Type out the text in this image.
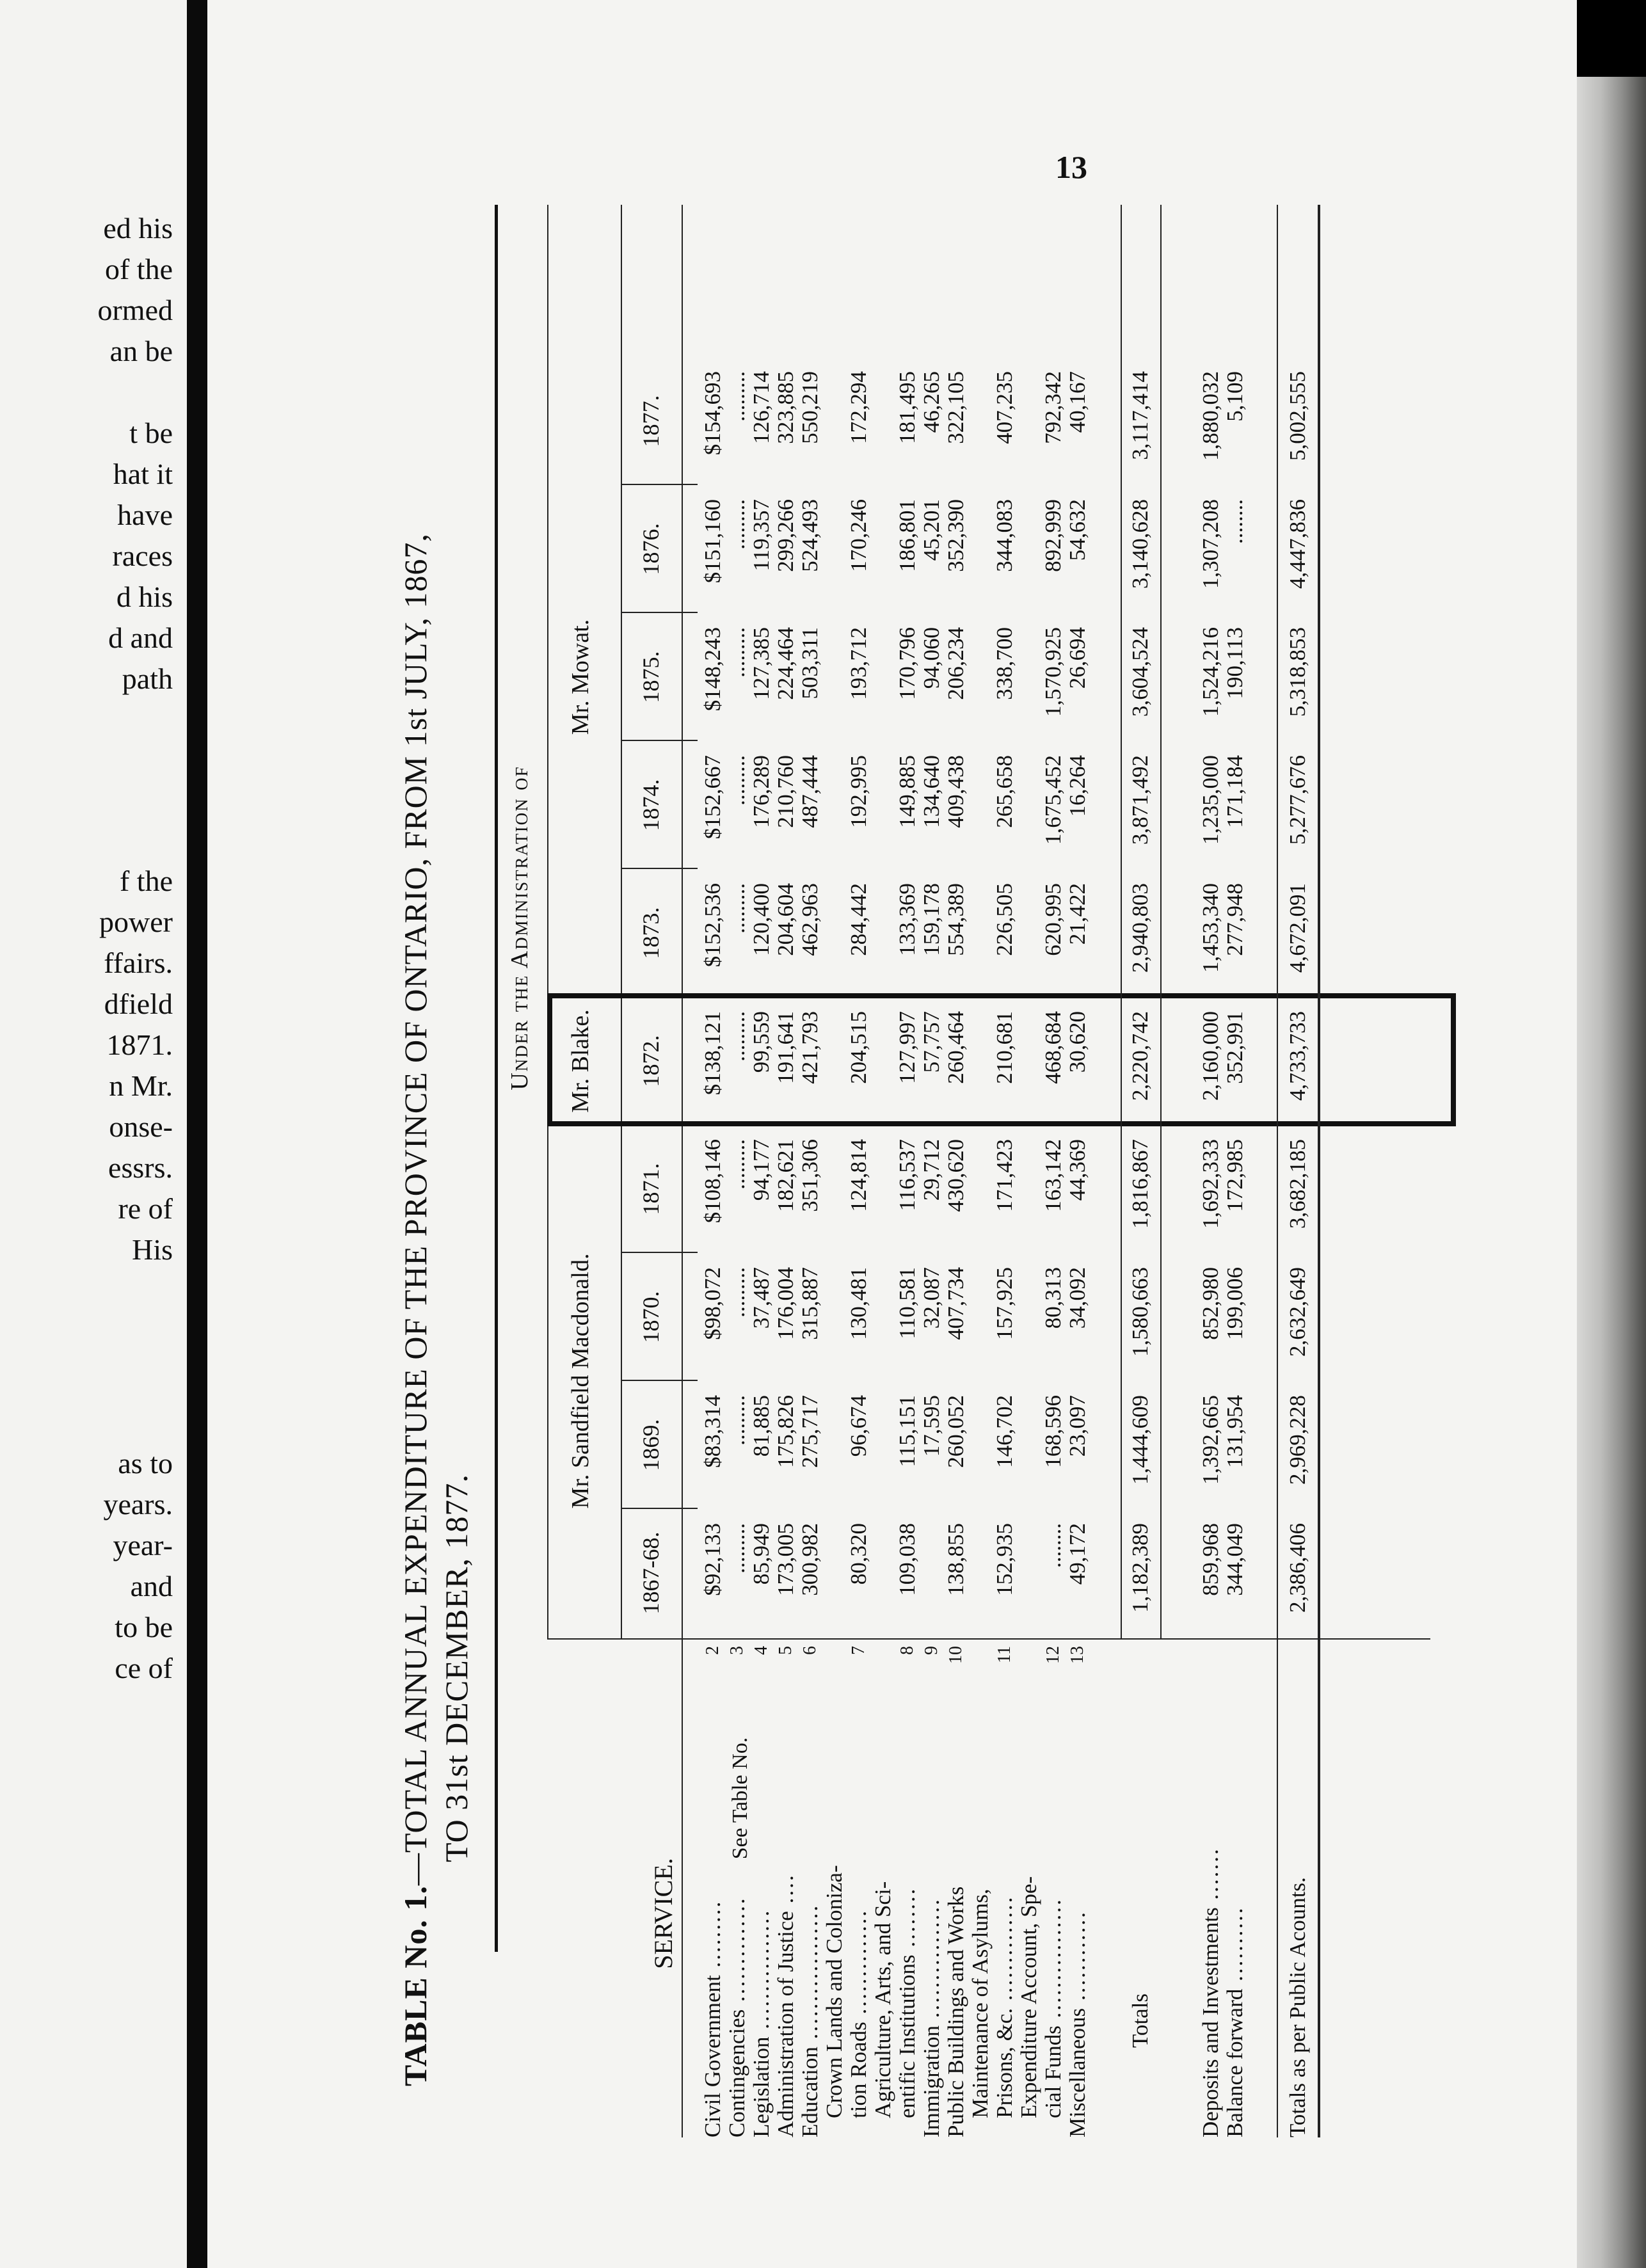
ed his
of the
ormed
an be
t be
hat it
have
races
d his
d and
path
f the
power
ffairs.
dfield
1871.
n Mr.
onse-
essrs.
re of
His
as to
years.
year-
and
to be
ce of
13
TABLE No. 1.—TOTAL ANNUAL EXPENDITURE OF THE PROVINCE OF ONTARIO, FROM 1st JULY, 1867, TO 31st DECEMBER, 1877.
SERVICE.
See Table No.
Under the Administration of
Mr. Sandfield Macdonald.
Mr. Blake.
Mr. Mowat.
1867-68.
1869.
1870.
1871.
1872.
1873.
1874.
1875.
1876.
1877.
Civil Government .........
2
$92,133
$83,314
$98,072
$108,146
$138,121
$152,536
$152,667
$148,243
$151,160
$154,693
Contingencies ..............
3
.........
.........
.........
.........
.........
.........
.........
.........
.........
.........
Legislation ................
4
85,949
81,885
37,487
94,177
99,559
120,400
176,289
127,385
119,357
126,714
Administration of Justice ....
5
173,005
175,826
176,004
182,621
191,641
204,604
210,760
224,464
299,266
323,885
Education ..................
6
300,982
275,717
315,887
351,306
421,793
462,963
487,444
503,311
524,493
550,219
Crown Lands and Coloniza- tion Roads ..............
7
80,320
96,674
130,481
124,814
204,515
284,442
192,995
193,712
170,246
172,294
Agriculture, Arts, and Sci- entific Institutions ........
8
109,038
115,151
110,581
116,537
127,997
133,369
149,885
170,796
186,801
181,495
Immigration ................
9
17,595
32,087
29,712
57,757
159,178
134,640
94,060
45,201
46,265
Public Buildings and Works
10
138,855
260,052
407,734
430,620
260,464
554,389
409,438
206,234
352,390
322,105
Maintenance of Asylums, Prisons, &c. ..............
11
152,935
146,702
157,925
171,423
210,681
226,505
265,658
338,700
344,083
407,235
Expenditure Account, Spe- cial Funds ................
12
........
168,596
80,313
163,142
468,684
620,995
1,675,452
1,570,925
892,999
792,342
Miscellaneous ............
13
49,172
23,097
34,092
44,369
30,620
21,422
16,264
26,694
54,632
40,167
Totals
1,182,389
1,444,609
1,580,663
1,816,867
2,220,742
2,940,803
3,871,492
3,604,524
3,140,628
3,117,414
Deposits and Investments .......
859,968
1,392,665
852,980
1,692,333
2,160,000
1,453,340
1,235,000
1,524,216
1,307,208
1,880,032
Balance forward ..........
344,049
131,954
199,006
172,985
352,991
277,948
171,184
190,113
........
5,109
Totals as per Public Acounts.
2,386,406
2,969,228
2,632,649
3,682,185
4,733,733
4,672,091
5,277,676
5,318,853
4,447,836
5,002,555
